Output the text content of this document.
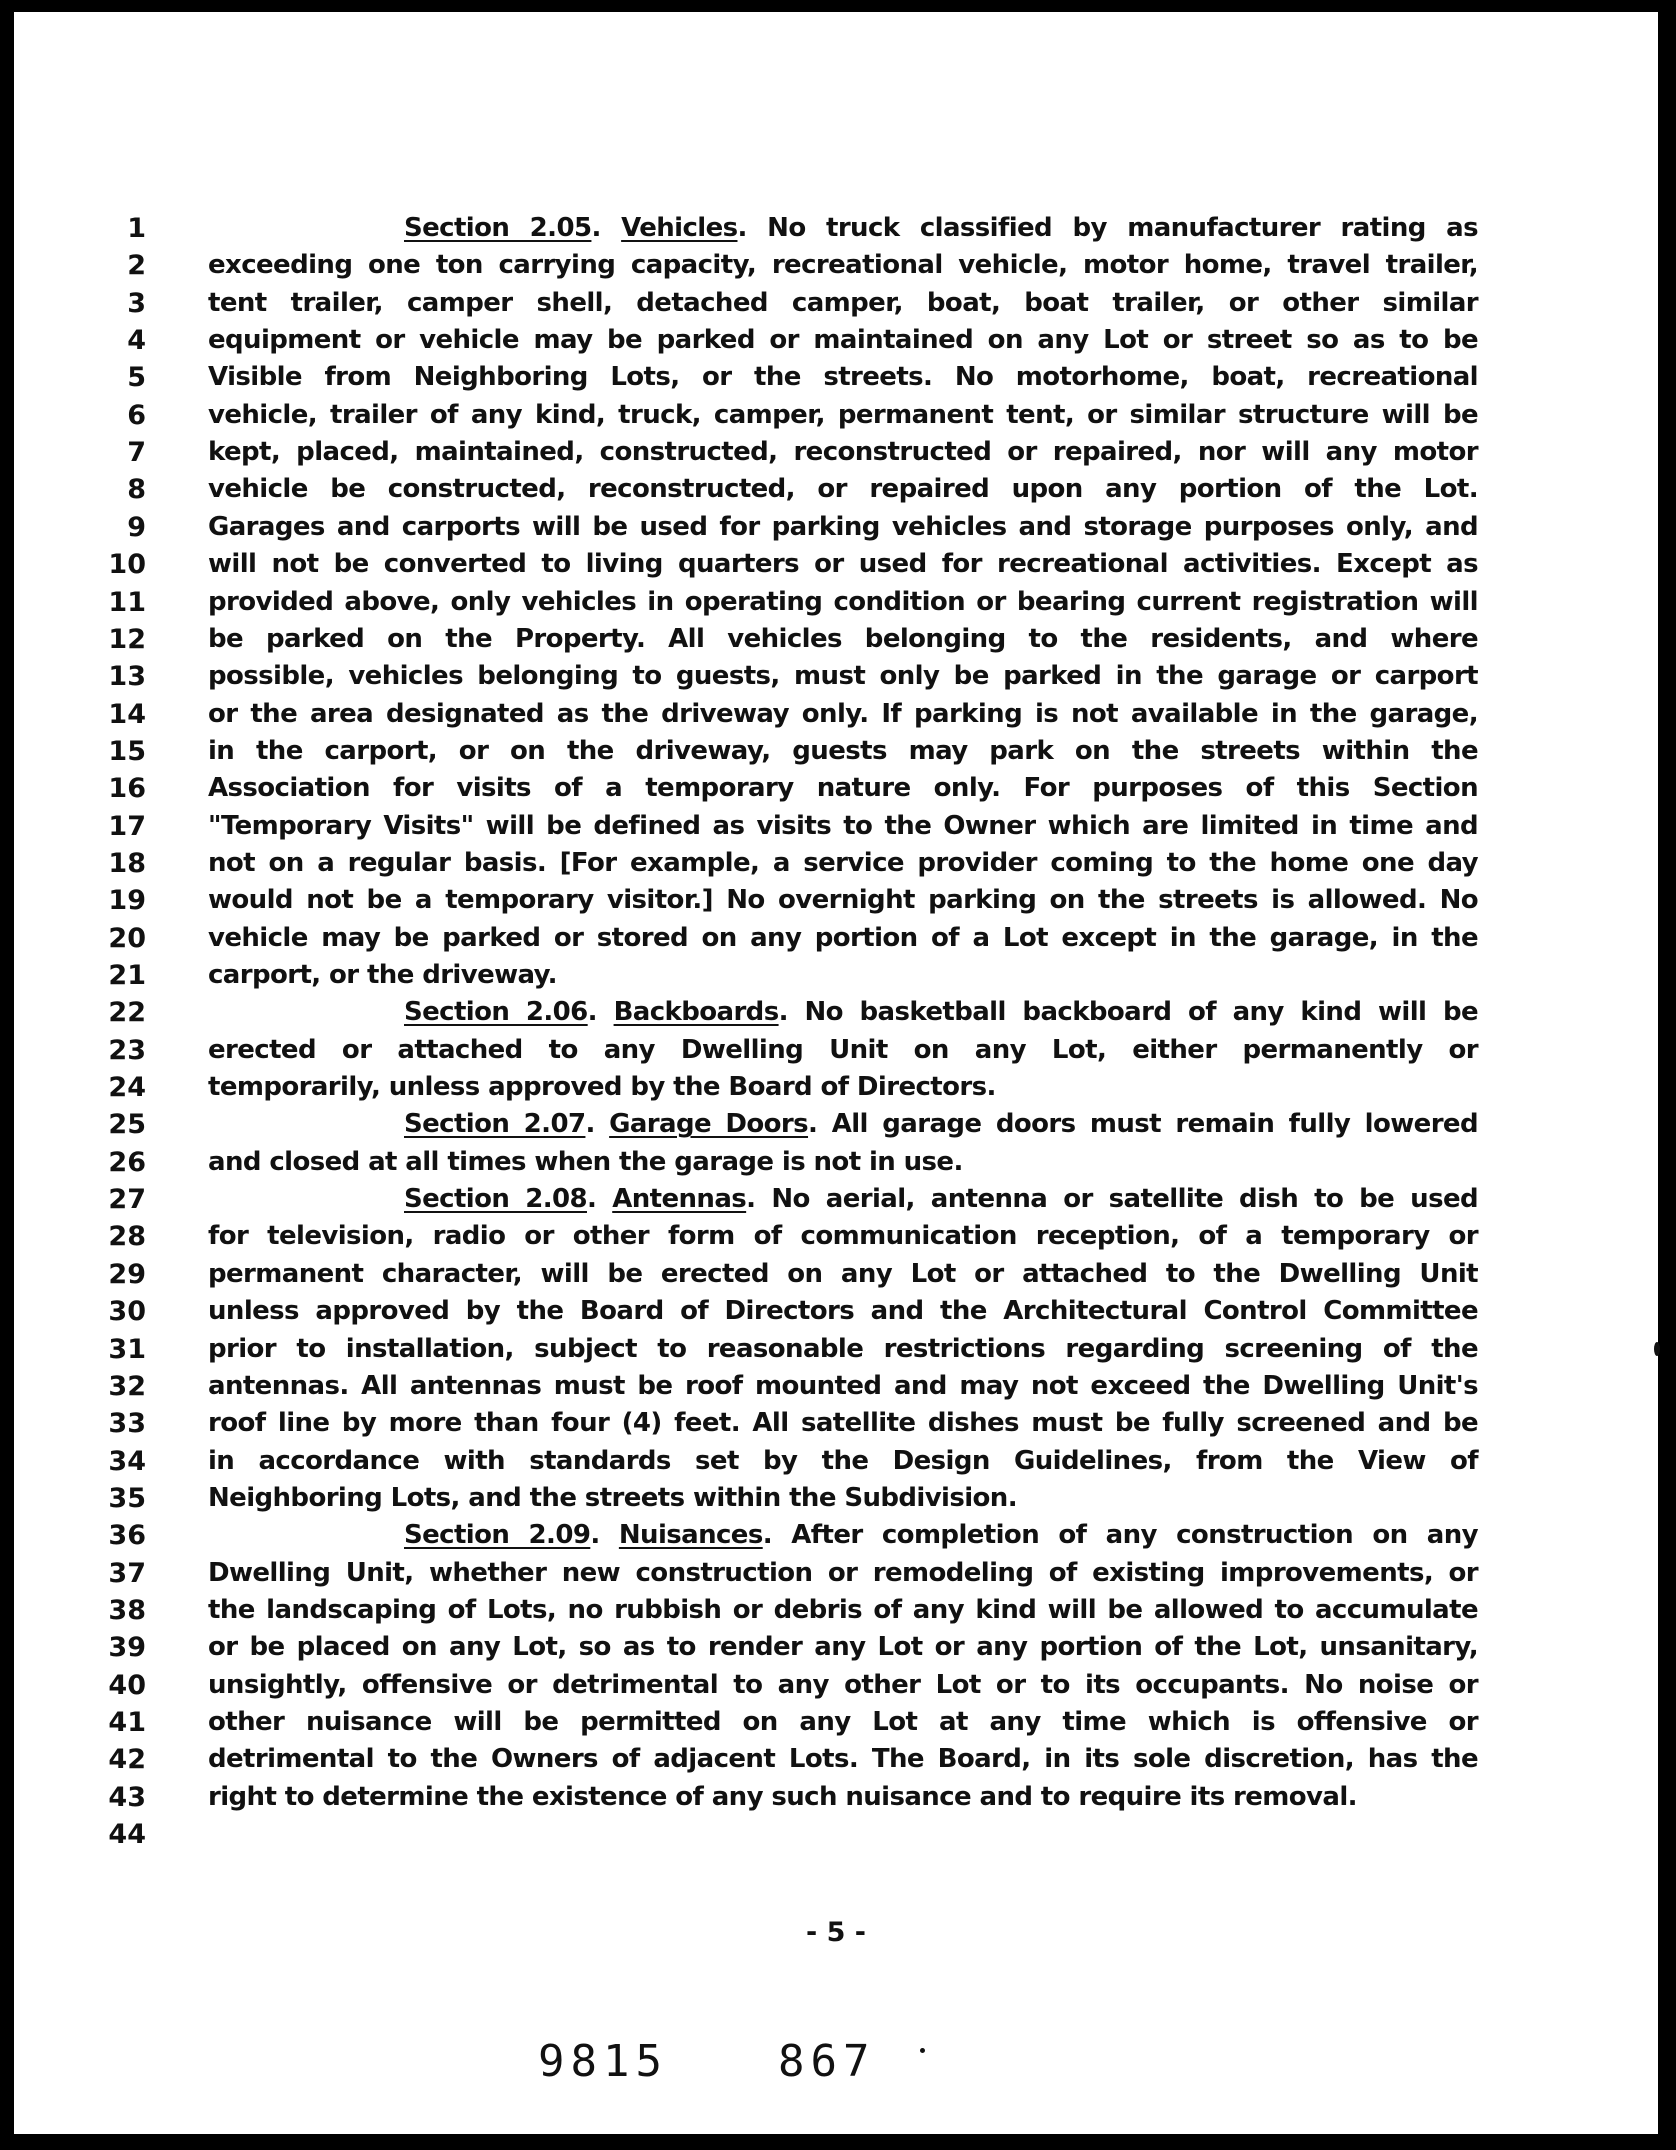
1	Section 2.05. Vehicles. No truck classified by manufacturer rating as
2 exceeding one ton carrying capacity, recreational vehicle, motor home, travel trailer,
3 tent trailer, camper shell, detached camper, boat, boat trailer, or other similar
4 equipment or vehicle may be parked or maintained on any Lot or street so as to be
5 Visible from Neighboring Lots, or the streets. No motorhome, boat, recreational
6 vehicle, trailer of any kind, truck, camper, permanent tent, or similar structure will be
7 kept, placed, maintained, constructed, reconstructed or repaired, nor will any motor
8 vehicle be constructed, reconstructed, or repaired upon any portion of the Lot.
9 Garages and carports will be used for parking vehicles and storage purposes only, and
10 will not be converted to living quarters or used for recreational activities. Except as
11 provided above, only vehicles in operating condition or bearing current registration will
12 be parked on the Property. All vehicles belonging to the residents, and where
13 possible, vehicles belonging to guests, must only be parked in the garage or carport
14 or the area designated as the driveway only. If parking is not available in the garage,
15 in the carport, or on the driveway, guests may park on the streets within the
16 Association for visits of a temporary nature only. For purposes of this Section
17 "Temporary Visits" will be defined as visits to the Owner which are limited in time and
18 not on a regular basis. [For example, a service provider coming to the home one day
19 would not be a temporary visitor.] No overnight parking on the streets is allowed. No
20 vehicle may be parked or stored on any portion of a Lot except in the garage, in the
21 carport, or the driveway.
22	Section 2.06. Backboards. No basketball backboard of any kind will be
23 erected or attached to any Dwelling Unit on any Lot, either permanently or
24 temporarily, unless approved by the Board of Directors.
25	Section 2.07. Garage Doors. All garage doors must remain fully lowered
26 and closed at all times when the garage is not in use.
27	Section 2.08. Antennas. No aerial, antenna or satellite dish to be used
28 for television, radio or other form of communication reception, of a temporary or
29 permanent character, will be erected on any Lot or attached to the Dwelling Unit
30 unless approved by the Board of Directors and the Architectural Control Committee
31 prior to installation, subject to reasonable restrictions regarding screening of the
32 antennas. All antennas must be roof mounted and may not exceed the Dwelling Unit's
33 roof line by more than four (4) feet. All satellite dishes must be fully screened and be
34 in accordance with standards set by the Design Guidelines, from the View of
35 Neighboring Lots, and the streets within the Subdivision.
36	Section 2.09. Nuisances. After completion of any construction on any
37 Dwelling Unit, whether new construction or remodeling of existing improvements, or
38 the landscaping of Lots, no rubbish or debris of any kind will be allowed to accumulate
39 or be placed on any Lot, so as to render any Lot or any portion of the Lot, unsanitary,
40 unsightly, offensive or detrimental to any other Lot or to its occupants. No noise or
41 other nuisance will be permitted on any Lot at any time which is offensive or
42 detrimental to the Owners of adjacent Lots. The Board, in its sole discretion, has the
43 right to determine the existence of any such nuisance and to require its removal.
44
- 5 -
9815	867
